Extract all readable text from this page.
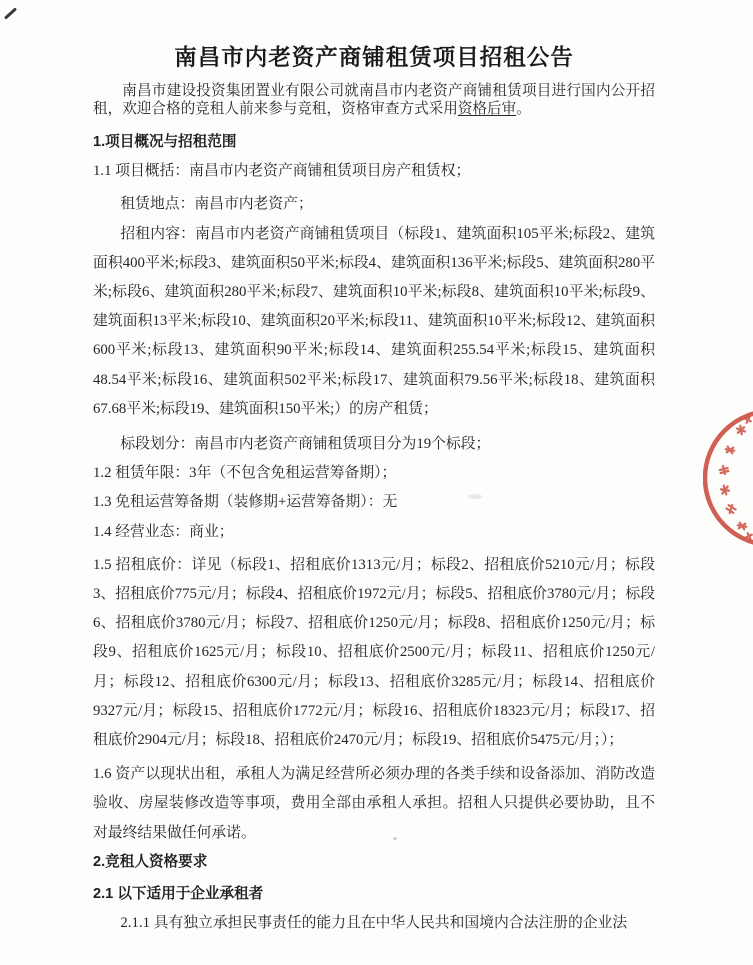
南昌市内老资产商铺租赁项目招租公告

南昌市建设投资集团置业有限公司就南昌市内老资产商铺租赁项目进行国内公开招租，欢迎合格的竞租人前来参与竞租，资格审查方式采用资格后审。

1.项目概况与招租范围

1.1 项目概括：南昌市内老资产商铺租赁项目房产租赁权；

租赁地点：南昌市内老资产；

招租内容：南昌市内老资产商铺租赁项目（标段1、建筑面积105平米;标段2、建筑面积400平米;标段3、建筑面积50平米;标段4、建筑面积136平米;标段5、建筑面积280平米;标段6、建筑面积280平米;标段7、建筑面积10平米;标段8、建筑面积10平米;标段9、建筑面积13平米;标段10、建筑面积20平米;标段11、建筑面积10平米;标段12、建筑面积600平米;标段13、建筑面积90平米;标段14、建筑面积255.54平米;标段15、建筑面积48.54平米;标段16、建筑面积502平米;标段17、建筑面积79.56平米;标段18、建筑面积67.68平米;标段19、建筑面积150平米;）的房产租赁；

标段划分：南昌市内老资产商铺租赁项目分为19个标段；

1.2 租赁年限：3年（不包含免租运营筹备期）；

1.3 免租运营筹备期（装修期+运营筹备期）：无

1.4 经营业态：商业；

1.5 招租底价：详见（标段1、招租底价1313元/月；标段2、招租底价5210元/月；标段3、招租底价775元/月；标段4、招租底价1972元/月；标段5、招租底价3780元/月；标段6、招租底价3780元/月；标段7、招租底价1250元/月；标段8、招租底价1250元/月；标段9、招租底价1625元/月；标段10、招租底价2500元/月；标段11、招租底价1250元/月；标段12、招租底价6300元/月；标段13、招租底价3285元/月；标段14、招租底价9327元/月；标段15、招租底价1772元/月；标段16、招租底价18323元/月；标段17、招租底价2904元/月；标段18、招租底价2470元/月；标段19、招租底价5475元/月；）；

1.6 资产以现状出租，承租人为满足经营所必须办理的各类手续和设备添加、消防改造验收、房屋装修改造等事项，费用全部由承租人承担。招租人只提供必要协助，且不对最终结果做任何承诺。

2.竞租人资格要求

2.1 以下适用于企业承租者

2.1.1 具有独立承担民事责任的能力且在中华人民共和国境内合法注册的企业法
